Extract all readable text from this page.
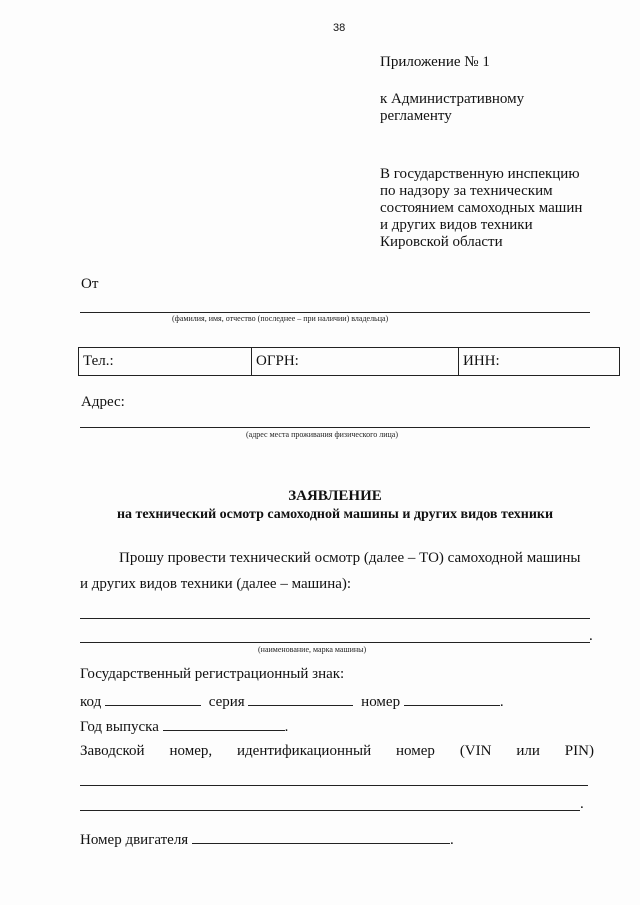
38
Приложение № 1
к Административному
регламенту
В государственную инспекцию
по надзору за техническим
состоянием самоходных машин
и других видов техники
Кировской области
От
(фамилия, имя, отчество (последнее – при наличии) владельца)
Тел.:	ОГРН:	ИНН:
Адрес:
(адрес места проживания физического лица)
ЗАЯВЛЕНИЕ
на технический осмотр самоходной машины и других видов техники
Прошу провести технический осмотр (далее – ТО) самоходной машины
и других видов техники (далее – машина):
.
(наименование, марка машины)
Государственный регистрационный знак:
код	серия	номер	.
Год выпуска	.
Заводской номер, идентификационный номер (VIN или PIN)
.
Номер двигателя	.
